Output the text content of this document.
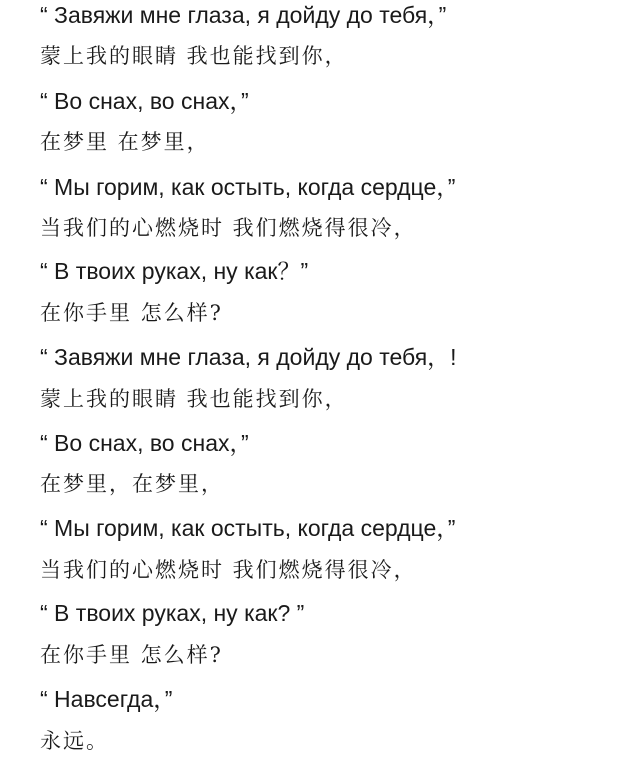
“ Завяжи мне глаза, я дойду до тебя，”
蒙上我的眼睛 我也能找到你，
“ Во снах, во снах，”
在梦里 在梦里，
“ Мы горим, как остыть, когда сердце，”
当我们的心燃烧时 我们燃烧得很冷，
“ В твоих руках, ну как？”
在你手里 怎么样?
“ Завяжи мне глаза, я дойду до тебя，!
蒙上我的眼睛 我也能找到你，
“ Во снах, во снах，”
在梦里，在梦里，
“ Мы горим, как остыть, когда сердце，”
当我们的心燃烧时 我们燃烧得很冷，
“ В твоих руках, ну как? ”
在你手里 怎么样?
“ Навсегда，”
永远。
